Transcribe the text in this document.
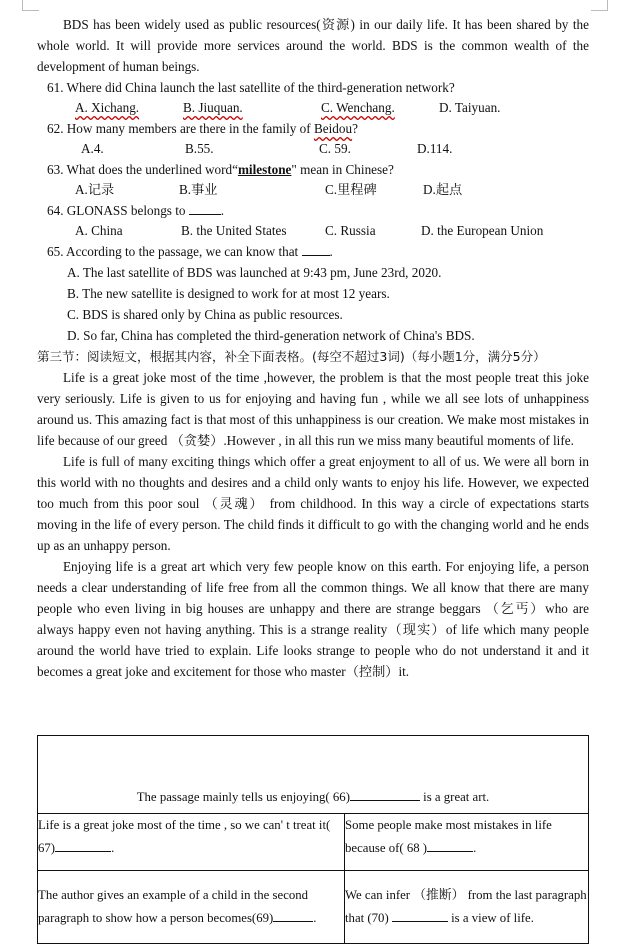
BDS has been widely used as public resources(资源) in our daily life. It has been shared by the whole world. It will provide more services around the world. BDS is the common wealth of the development of human beings.

61. Where did China launch the last satellite of the third-generation network?

A. Xichang.	B. Jiuquan.	C. Wenchang.	D. Taiyuan.

62. How many members are there in the family of Beidou?

A.4.	B.55.	C. 59.	D.114.

63. What does the underlined word“milestone" mean in Chinese?

A.记录	B.事业	C.里程碑	D.起点

64. GLONASS belongs to .

A. China	B. the United States	C. Russia	D. the European Union

65. According to the passage, we can know that .

A. The last satellite of BDS was launched at 9:43 pm, June 23rd, 2020.

B. The new satellite is designed to work for at most 12 years.

C. BDS is shared only by China as public resources.

D. So far, China has completed the third-generation network of China's BDS.

第三节：阅读短文，根据其内容，补全下面表格。(每空不超过3词)（每小题1分，满分5分）

Life is a great joke most of the time ,however, the problem is that the most people treat this joke very seriously. Life is given to us for enjoying and having fun , while we all see lots of unhappiness around us. This amazing fact is that most of this unhappiness is our creation. We make most mistakes in life because of our greed （贪婪）.However , in all this run we miss many beautiful moments of life.

Life is full of many exciting things which offer a great enjoyment to all of us. We were all born in this world with no thoughts and desires and a child only wants to enjoy his life. However, we expected too much from this poor soul （灵魂） from childhood. In this way a circle of expectations starts moving in the life of every person. The child finds it difficult to go with the changing world and he ends up as an unhappy person.

Enjoying life is a great art which very few people know on this earth. For enjoying life, a person needs a clear understanding of life free from all the common things. We all know that there are many people who even living in big houses are unhappy and there are strange beggars （乞丐）who are always happy even not having anything. This is a strange reality（现实）of life which many people around the world have tried to explain. Life looks strange to people who do not understand it and it becomes a great joke and excitement for those who master（控制）it.

The passage mainly tells us enjoying( 66) is a great art.	
Life is a great joke most of the time , so we can' t treat it( 67) .	Some people make most mistakes in life because of( 68 ) .
The author gives an example of a child in the second paragraph to show how a person becomes(69) .	We can infer （推断） from the last paragraph that (70) is a view of life.
